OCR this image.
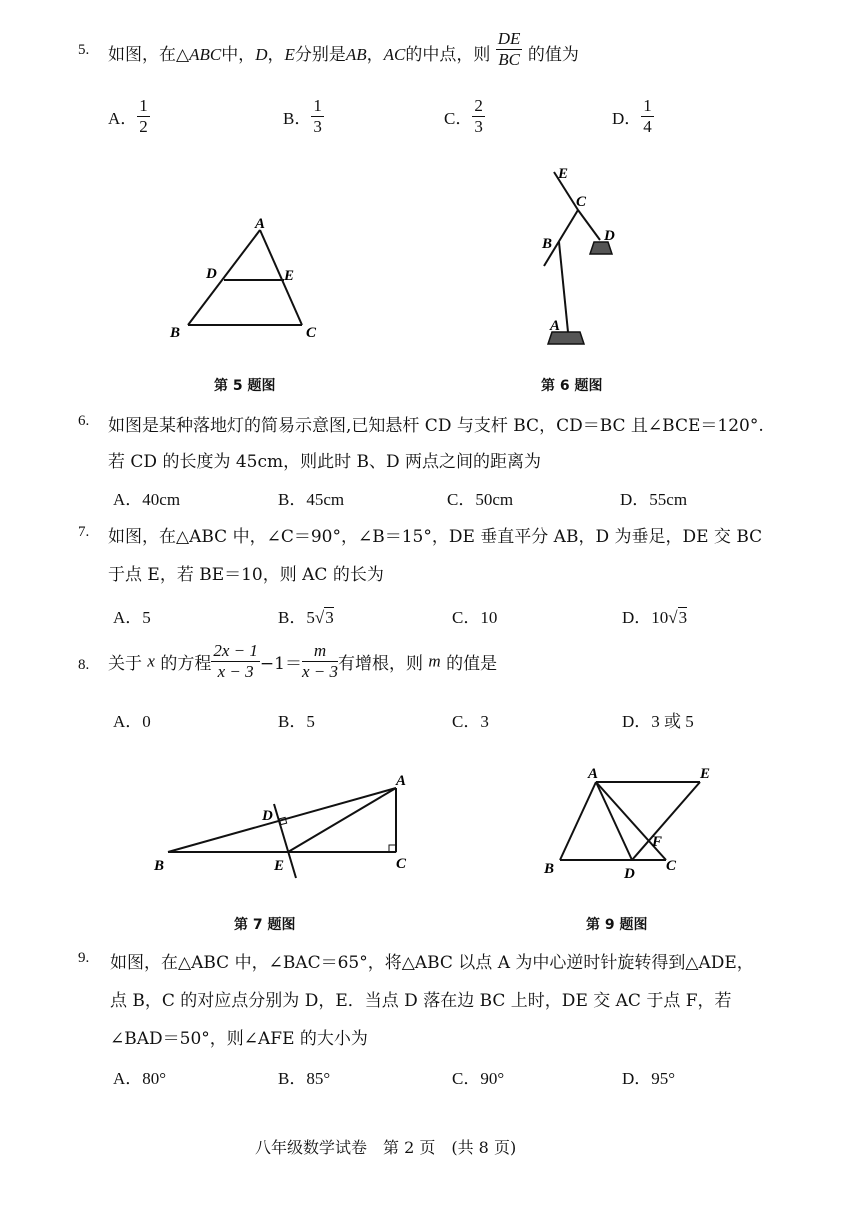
5. 如图，在△ABC中，D，E分别是AB，AC的中点，则 $\frac{DE}{BC}$ 的值为
A． $\frac{1}{2}$	B． $\frac{1}{3}$	C． $\frac{2}{3}$	D． $\frac{1}{4}$
A
B	C
D	E
E
C
B	D
A
第 5 题图	第 6 题图
6. 如图是某种落地灯的简易示意图,已知悬杆 CD 与支杆 BC，CD＝BC 且∠BCE＝120°.
若 CD 的长度为 45cm，则此时 B、D 两点之间的距离为
A．40cm	B．45cm	C．50cm	D．55cm
7. 如图，在△ABC 中，∠C＝90°，∠B＝15°，DE 垂直平分 AB，D 为垂足，DE 交 BC
于点 E，若 BE＝10，则 AC 的长为
A．5	B．5√3	C．10	D．10√3
8. 关于 x 的方程 $\frac{2x - 1}{x - 3} -1= \frac{m}{x - 3}$ 有增根，则 m 的值是
A．0	B．5	C．3	D．3 或 5
A
B	C
D
E
A	E
B	C
D
F
第 7 题图	第 9 题图
9. 如图，在△ABC 中，∠BAC＝65°，将△ABC 以点 A 为中心逆时针旋转得到△ADE，
点 B，C 的对应点分别为 D，E．当点 D 落在边 BC 上时，DE 交 AC 于点 F，若
∠BAD＝50°，则∠AFE 的大小为
A．80°	B．85°	C．90°	D．95°
八年级数学试卷　第 2 页　(共 8 页)
